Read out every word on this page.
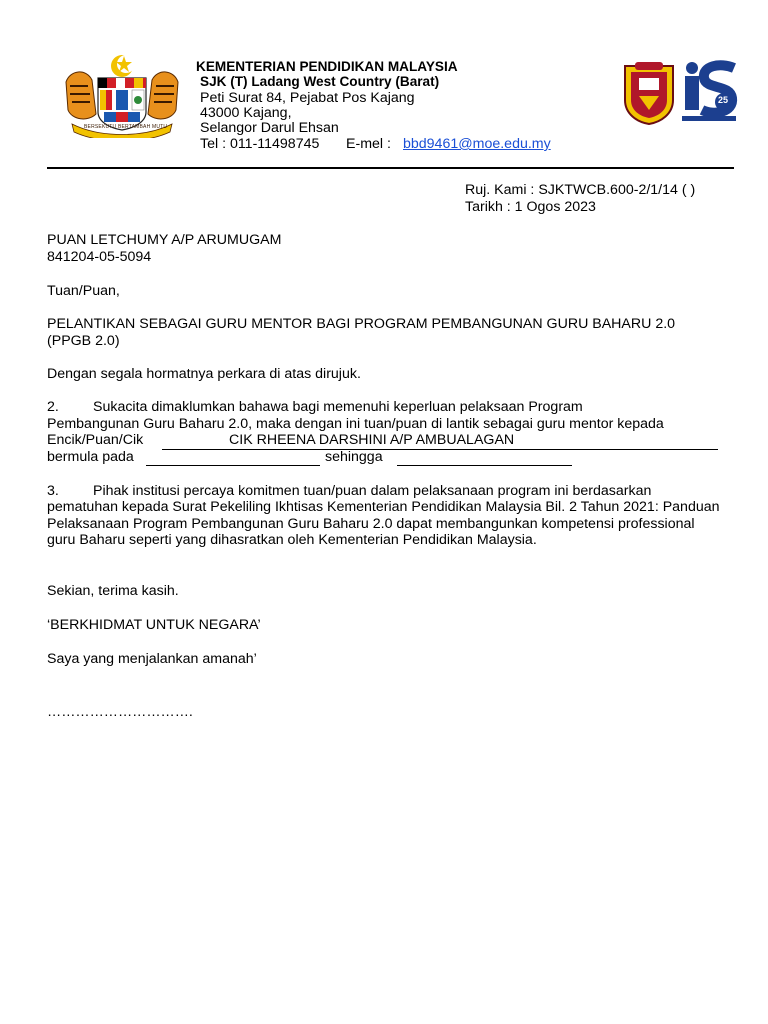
BERSEKUTU BERTAMBAH MUTU
KEMENTERIAN PENDIDIKAN MALAYSIA
SJK (T) Ladang West Country (Barat)
Peti Surat 84, Pejabat Pos Kajang
43000 Kajang,
Selangor Darul Ehsan
Tel : 011-11498745 E-mel : bbd9461@moe.edu.my
25
Ruj. Kami : SJKTWCB.600-2/1/14 ( )
Tarikh : 1 Ogos 2023
PUAN LETCHUMY A/P ARUMUGAM
841204-05-5094
Tuan/Puan,
PELANTIKAN SEBAGAI GURU MENTOR BAGI PROGRAM PEMBANGUNAN GURU BAHARU 2.0 (PPGB 2.0)
Dengan segala hormatnya perkara di atas dirujuk.
2. Sukacita dimaklumkan bahawa bagi memenuhi keperluan pelaksaan Program
Pembangunan Guru Baharu 2.0, maka dengan ini tuan/puan di lantik sebagai guru mentor kepada
Encik/Puan/Cik	CIK RHEENA DARSHINI A/P AMBUALAGAN
bermula pada	sehingga
3. Pihak institusi percaya komitmen tuan/puan dalam pelaksanaan program ini berdasarkan
pematuhan kepada Surat Pekeliling Ikhtisas Kementerian Pendidikan Malaysia Bil. 2 Tahun 2021: Panduan Pelaksanaan Program Pembangunan Guru Baharu 2.0 dapat membangunkan kompetensi professional guru Baharu seperti yang dihasratkan oleh Kementerian Pendidikan Malaysia.
Sekian, terima kasih.
‘BERKHIDMAT UNTUK NEGARA’
Saya yang menjalankan amanah’
………………………….
